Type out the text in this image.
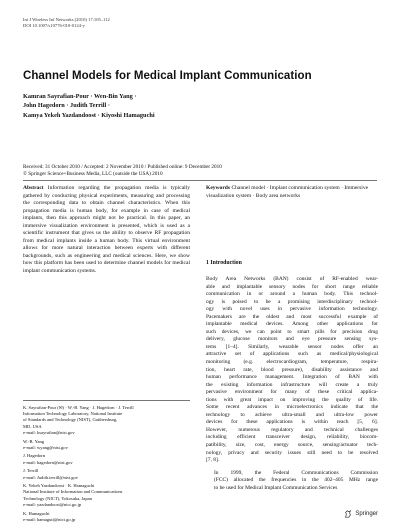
Int J Wireless Inf Networks (2010) 17:105–112
DOI 10.1007/s10776-010-0124-y
Channel Models for Medical Implant Communication
Kamran Sayrafian-Pour · Wen-Bin Yang ·
John Hagedorn · Judith Terrill ·
Kamya Yekeh Yazdandoost · Kiyoshi Hamaguchi
Received: 31 October 2010 / Accepted: 2 November 2010 / Published online: 9 December 2010
© Springer Science+Business Media, LLC (outside the USA) 2010
Abstract Information regarding the propagation media is typically gathered by conducting physical experiments, measuring and processing the corresponding data to obtain channel characteristics. When this propagation media is human body, for example in case of medical implants, then this approach might not be practical. In this paper, an immersive visualization environment is presented, which is used as a scientific instrument that gives us the ability to observe RF propagation from medical implants inside a human body. This virtual environment allows for more natural interaction between experts with different backgrounds, such as engineering and medical sciences. Here, we show how this platform has been used to determine channel models for medical implant communication systems.
Keywords Channel model · Implant communication system · Immersive visualization system · Body area networks
1 Introduction

Body Area Networks (BAN) consist of RF-enabled wear-
able and implantable sensory nodes for short range reliable
communication in or around a human body. This technol-
ogy is poised to be a promising interdisciplinary technol-
ogy with novel uses in pervasive information technology.
Pacemakers are the oldest and most successful example of
implantable medical devices. Among other applications for
such devices, we can point to smart pills for precision drug
delivery, glucose monitors and eye pressure sensing sys-
tems [1–4]. Similarly, wearable sensor nodes offer an
attractive set of applications such as medical/physiological
monitoring (e.g. electrocardiogram, temperature, respira-
tion, heart rate, blood pressure), disability assistance and
human performance management. Integration of BAN with
the existing information infrastructure will create a truly
pervasive environment for many of these critical applica-
tions with great impact on improving the quality of life.
Some recent advances in microelectronics indicate that the
technology to achieve ultra-small and ultra-low power
devices for these applications is within reach [5, 6].
However, numerous regulatory and technical challenges
including efficient transceiver design, reliability, biocom-
patibility, size, cost, energy source, sensing/actuator tech-
nology, privacy and security issues still need to be resolved
[7, 8].

In 1999, the Federal Communications Commission
(FCC) allocated the frequencies in the 402–405 MHz range
to be used for Medical Implant Communication Services

K. Sayrafian-Pour (✉) · W.-B. Yang · J. Hagedorn · J. Terrill
Information Technology Laboratory, National Institute
of Standards and Technology (NIST), Gaithersburg,
MD, USA
e-mail: ksayrafian@nist.gov
W.-B. Yang
e-mail: wyang@nist.gov
J. Hagedorn
e-mail: hagedorn@nist.gov
J. Terrill
e-mail: Judith.terrill@nist.gov
K. Yekeh Yazdandoost · K. Hamaguchi
National Institute of Information and Communications
Technology (NICT), Yokosuka, Japan
e-mail: yazdandoost@nict.go.jp
K. Hamaguchi
e-mail: hamaguti@nict.go.jp
Springer
